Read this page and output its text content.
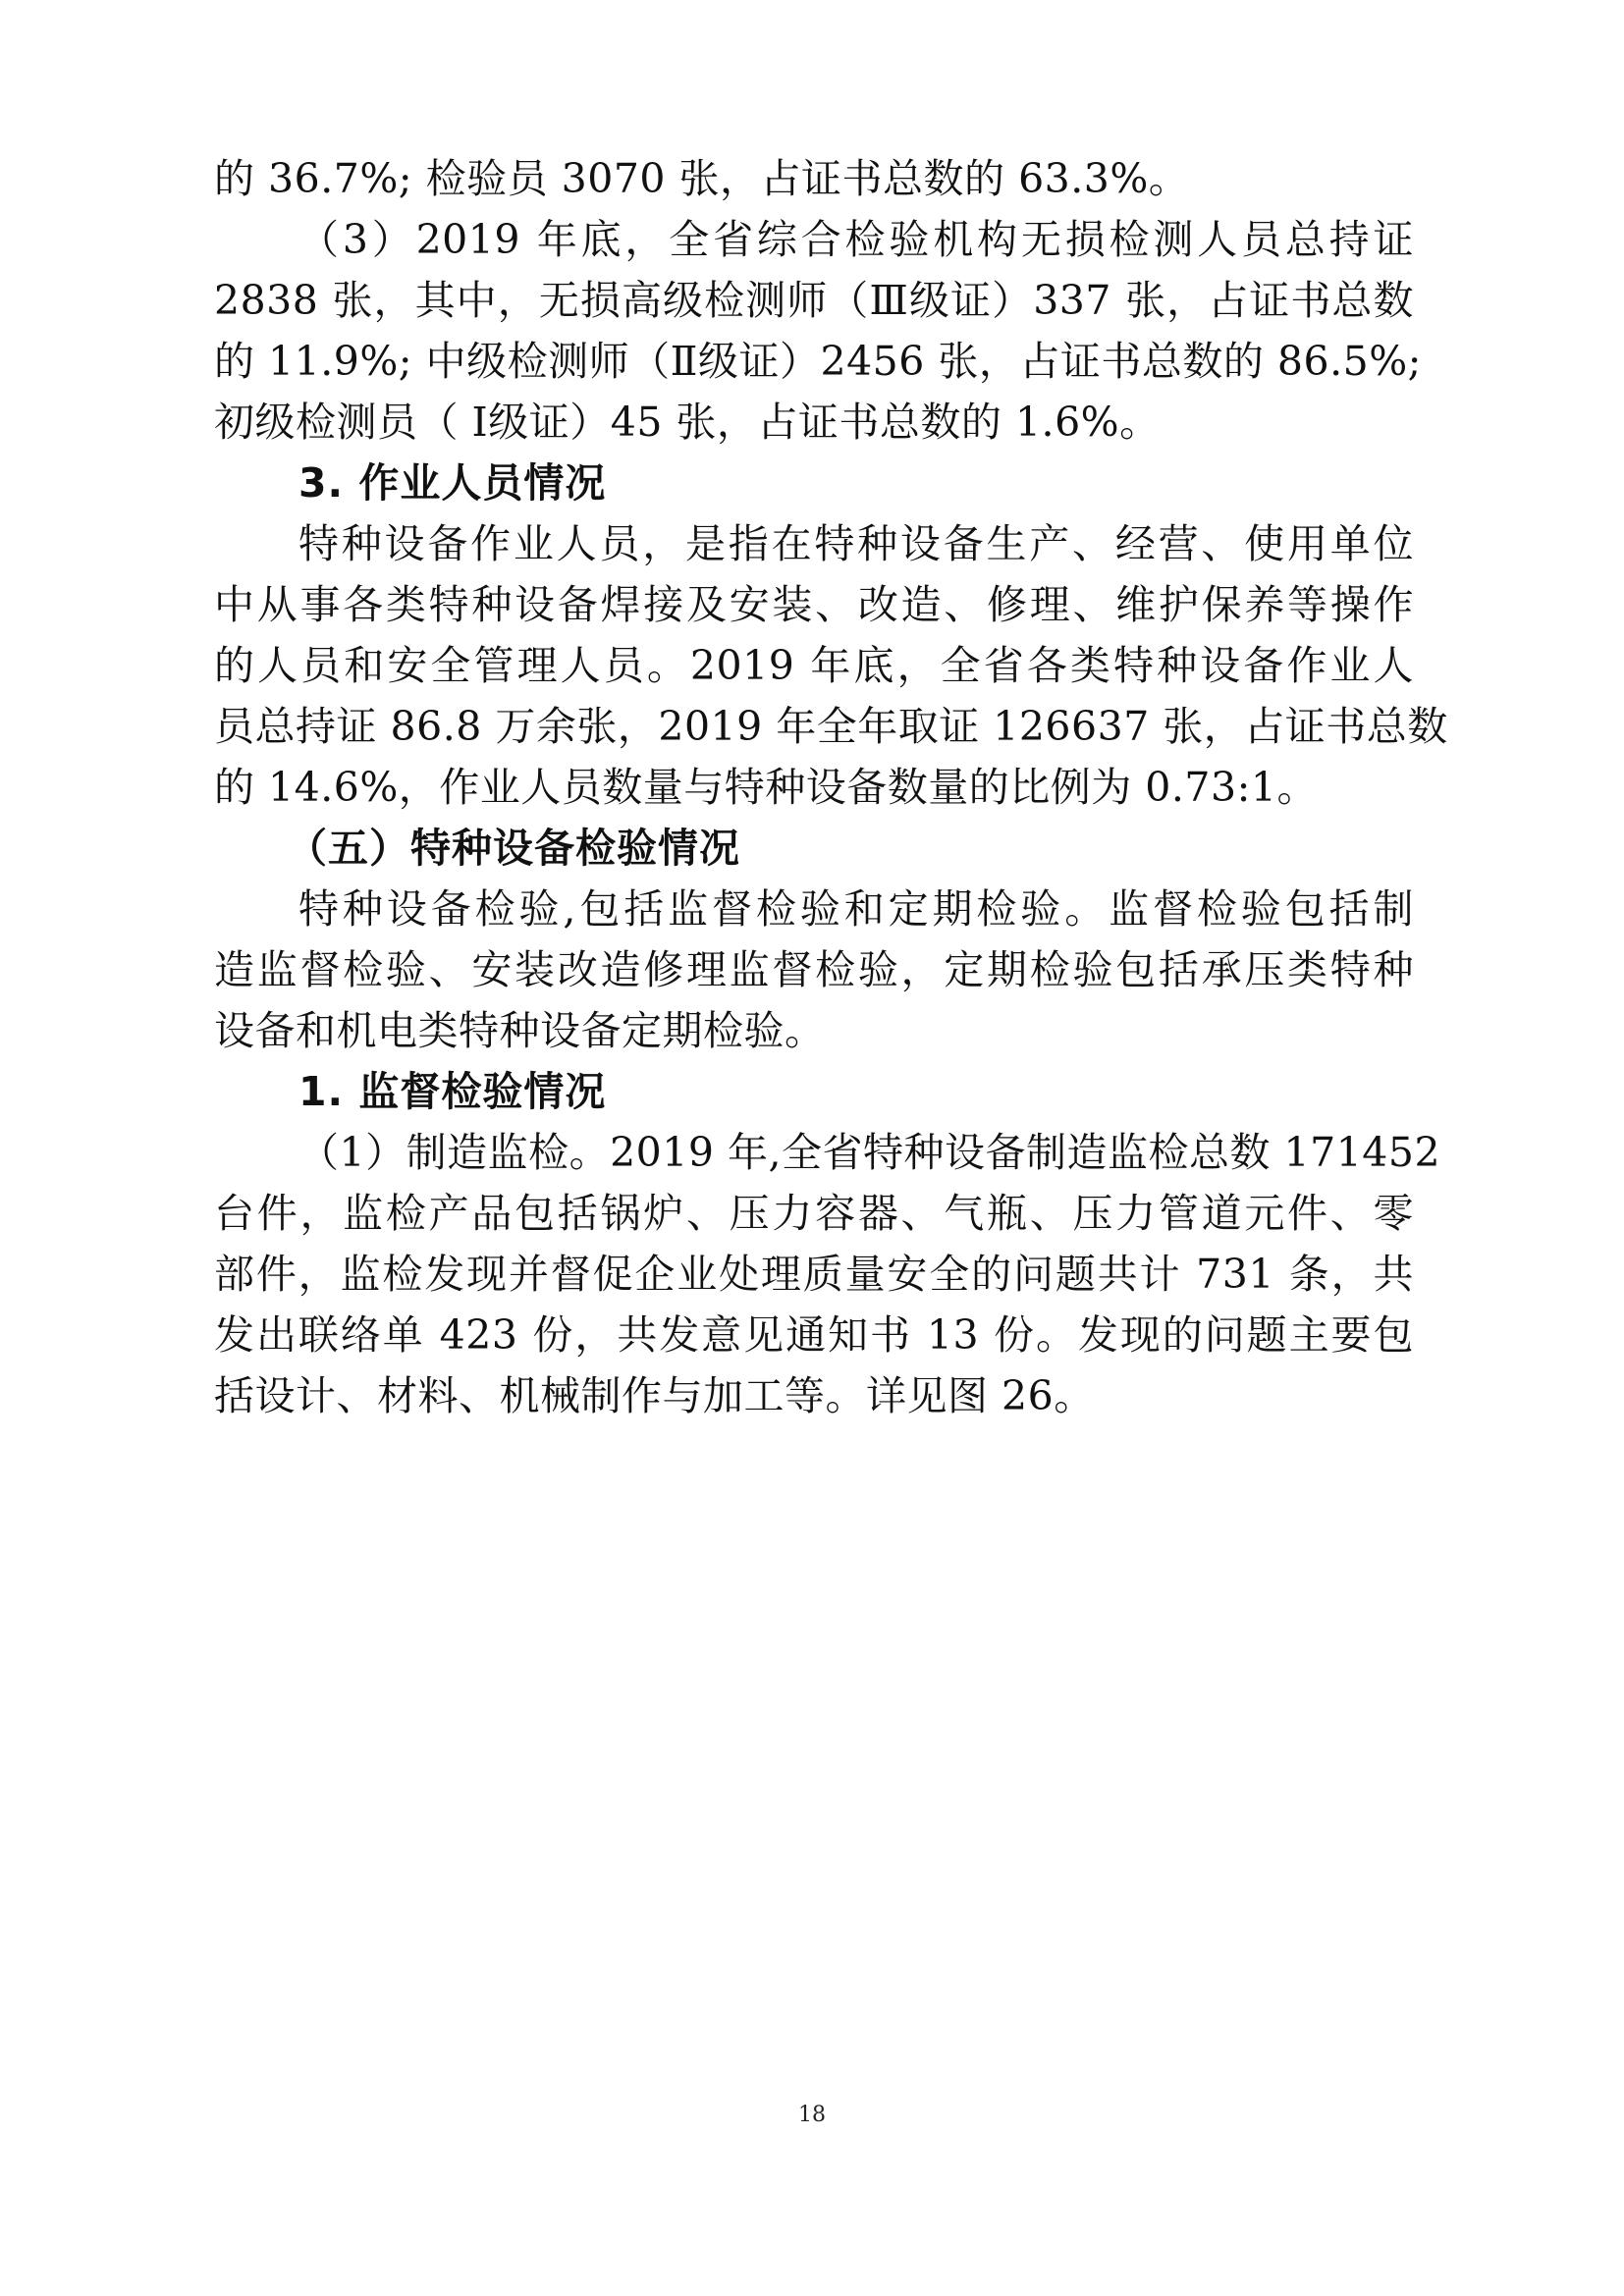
的 36.7%; 检验员 3070 张，占证书总数的 63.3%。
（3）2019 年底，全省综合检验机构无损检测人员总持证
2838 张，其中，无损高级检测师（Ⅲ级证）337 张，占证书总数
的 11.9%; 中级检测师（Ⅱ级证）2456 张，占证书总数的 86.5%;
初级检测员（ Ⅰ级证）45 张，占证书总数的 1.6%。
3. 作业人员情况
特种设备作业人员，是指在特种设备生产、经营、使用单位
中从事各类特种设备焊接及安装、改造、修理、维护保养等操作
的人员和安全管理人员。2019 年底，全省各类特种设备作业人
员总持证 86.8 万余张，2019 年全年取证 126637 张，占证书总数
的 14.6%，作业人员数量与特种设备数量的比例为 0.73:1。
（五）特种设备检验情况
特种设备检验,包括监督检验和定期检验。监督检验包括制
造监督检验、安装改造修理监督检验，定期检验包括承压类特种
设备和机电类特种设备定期检验。
1. 监督检验情况
（1）制造监检。2019 年,全省特种设备制造监检总数 171452
台件，监检产品包括锅炉、压力容器、气瓶、压力管道元件、零
部件，监检发现并督促企业处理质量安全的问题共计 731 条，共
发出联络单 423 份，共发意见通知书 13 份。发现的问题主要包
括设计、材料、机械制作与加工等。详见图 26。
18
